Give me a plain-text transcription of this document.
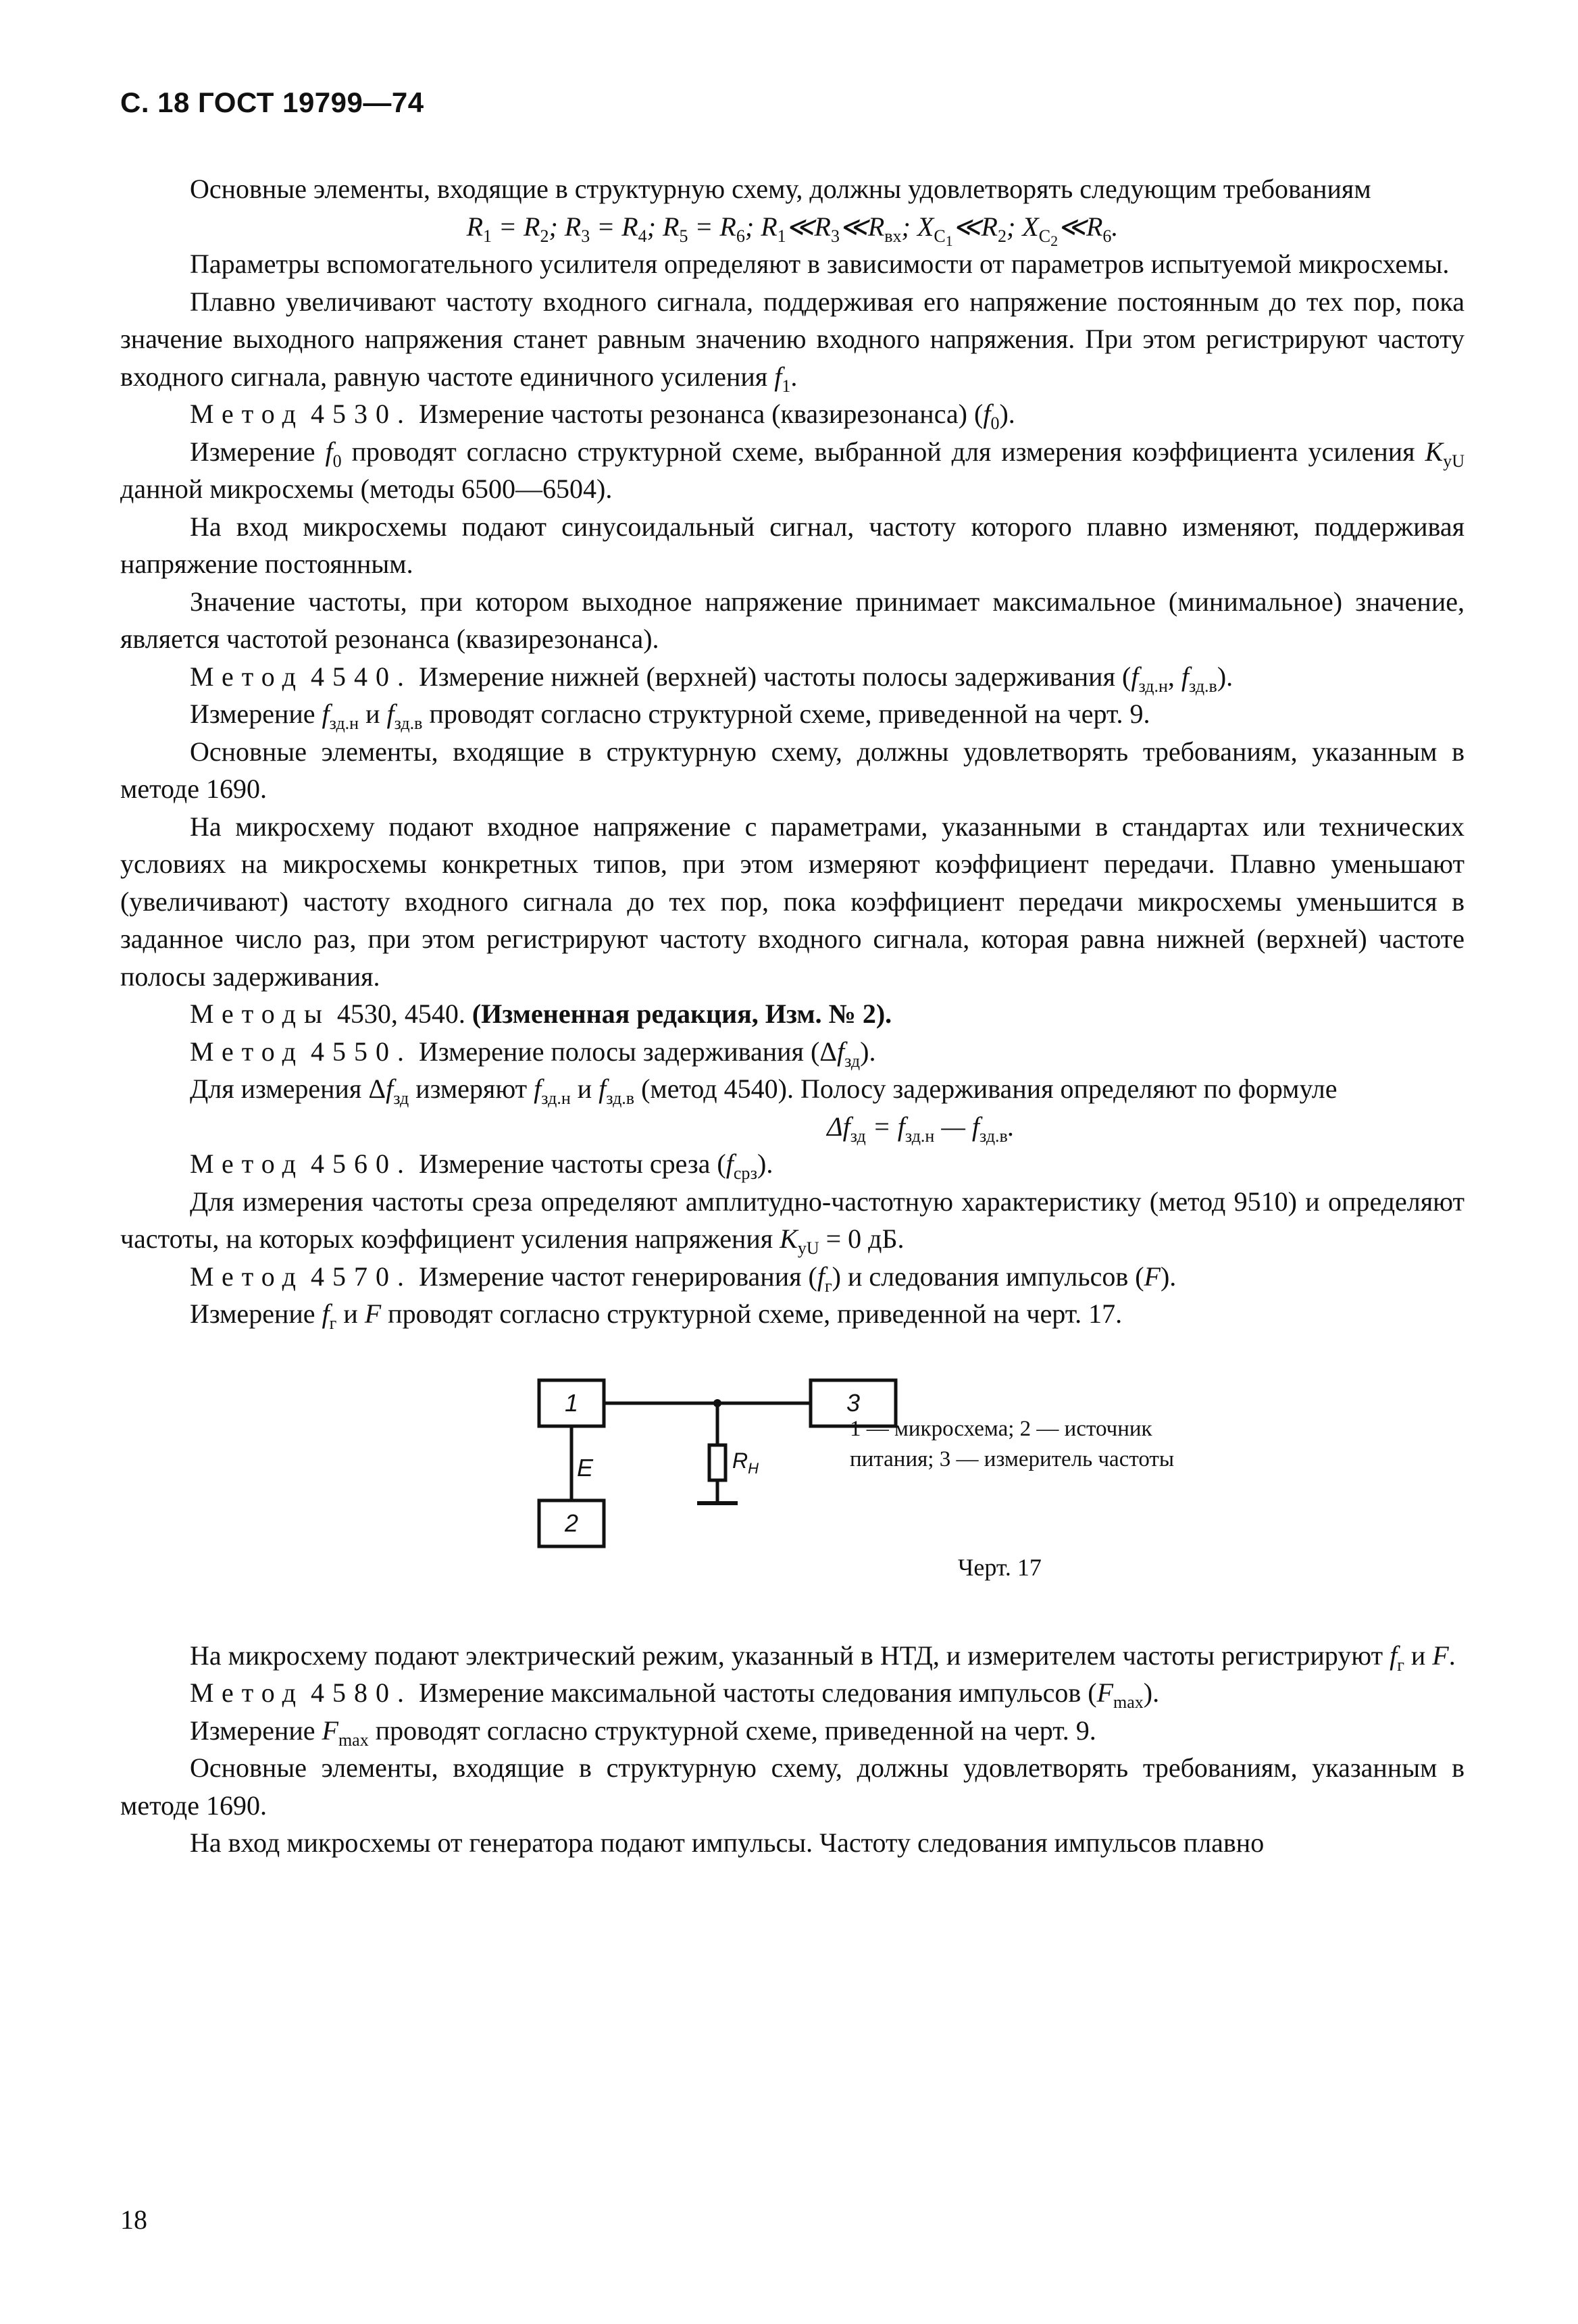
С. 18 ГОСТ 19799—74

Основные элементы, входящие в структурную схему, должны удовлетворять следующим требованиям

$R_1 = R_2$; $R_3 = R_4$; $R_5 = R_6$; $R_1≪R_3≪R_{вх}$; $X_{C_1}≪R_2$; $X_{C_2}≪R_6$.

Параметры вспомогательного усилителя определяют в зависимости от параметров испытуемой микросхемы.

Плавно увеличивают частоту входного сигнала, поддерживая его напряжение постоянным до тех пор, пока значение выходного напряжения станет равным значению входного напряжения. При этом регистрируют частоту входного сигнала, равную частоте единичного усиления $f_1$.

Метод 4530. Измерение частоты резонанса (квазирезонанса) $(f_0)$.

Измерение $f_0$ проводят согласно структурной схеме, выбранной для измерения коэффициента усиления $K_{yU}$ данной микросхемы (методы 6500—6504).

На вход микросхемы подают синусоидальный сигнал, частоту которого плавно изменяют, поддерживая напряжение постоянным.

Значение частоты, при котором выходное напряжение принимает максимальное (минимальное) значение, является частотой резонанса (квазирезонанса).

Метод 4540. Измерение нижней (верхней) частоты полосы задерживания ($f_{зд.н}$, $f_{зд.в}$).

Измерение $f_{зд.н}$ и $f_{зд.в}$ проводят согласно структурной схеме, приведенной на черт. 9.

Основные элементы, входящие в структурную схему, должны удовлетворять требованиям, указанным в методе 1690.

На микросхему подают входное напряжение с параметрами, указанными в стандартах или технических условиях на микросхемы конкретных типов, при этом измеряют коэффициент передачи. Плавно уменьшают (увеличивают) частоту входного сигнала до тех пор, пока коэффициент передачи микросхемы уменьшится в заданное число раз, при этом регистрируют частоту входного сигнала, которая равна нижней (верхней) частоте полосы задерживания.

Методы 4530, 4540. (Измененная редакция, Изм. № 2).

Метод 4550. Измерение полосы задерживания $(\Delta f_{зд})$.

Для измерения $\Delta f_{зд}$ измеряют $f_{зд.н}$ и $f_{зд.в}$ (метод 4540). Полосу задерживания определяют по формуле

$\Delta f_{зд} = f_{зд.н}$ — $f_{зд.в}$.

Метод 4560. Измерение частоты среза $(f_{срз})$.

Для измерения частоты среза определяют амплитудно-частотную характеристику (метод 9510) и определяют частоты, на которых коэффициент усиления напряжения $K_{yU} = 0$ дБ.

Метод 4570. Измерение частот генерирования $(f_г)$ и следования импульсов (F).

Измерение $f_г$ и F проводят согласно структурной схеме, приведенной на черт. 17.

1
2
3
E	$R_Н$
1 — микросхема; 2 — источник питания; 3 — измеритель частоты
Черт. 17

На микросхему подают электрический режим, указанный в НТД, и измерителем частоты регистрируют $f_г$ и F.

Метод 4580. Измерение максимальной частоты следования импульсов $(F_{max})$.

Измерение $F_{max}$ проводят согласно структурной схеме, приведенной на черт. 9.

Основные элементы, входящие в структурную схему, должны удовлетворять требованиям, указанным в методе 1690.

На вход микросхемы от генератора подают импульсы. Частоту следования импульсов плавно

18
